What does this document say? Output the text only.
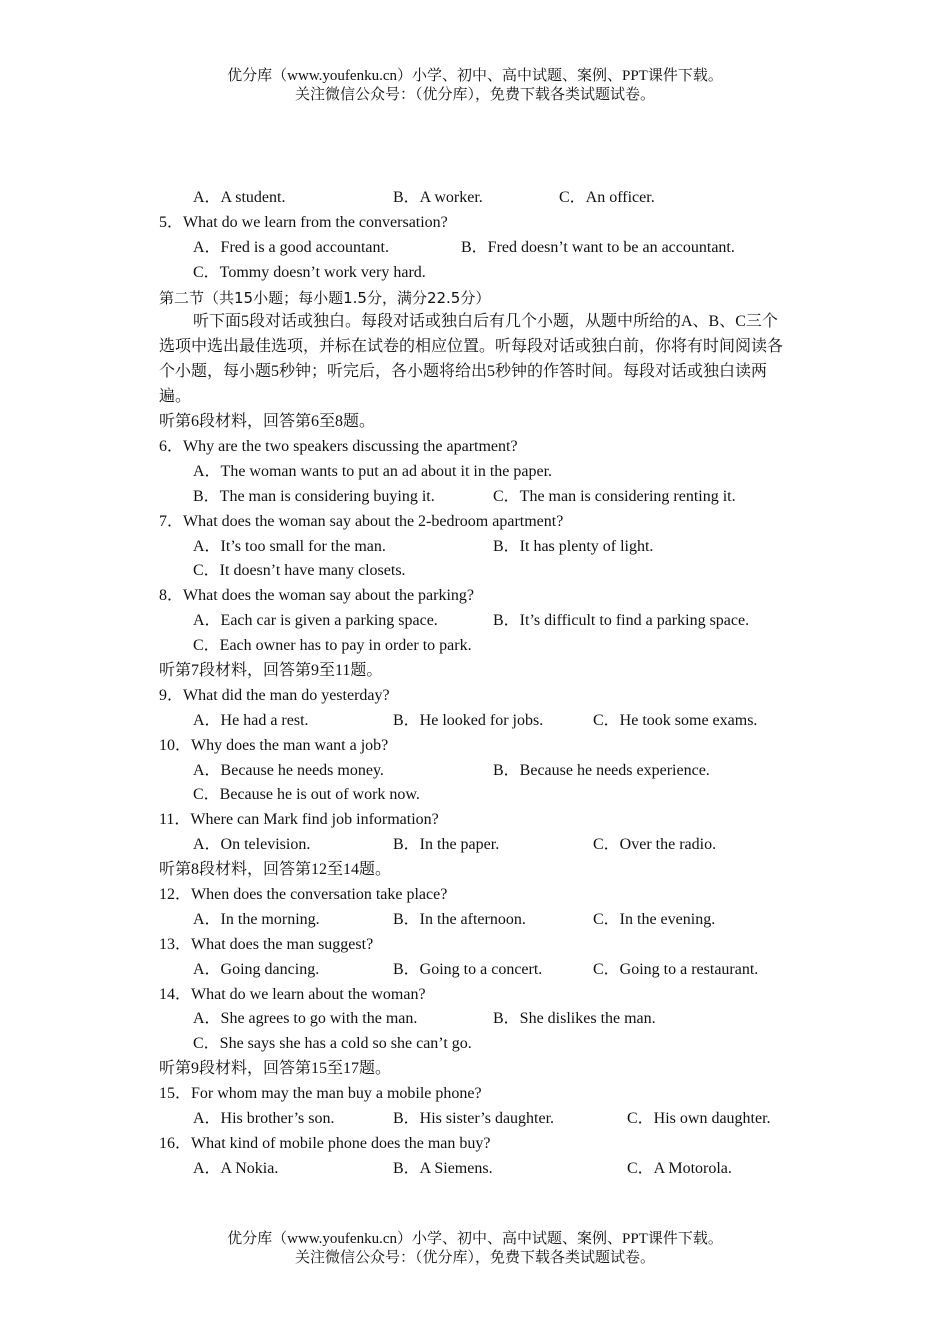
优分库（www.youfenku.cn）小学、初中、高中试题、案例、PPT课件下载。
关注微信公众号：（优分库），免费下载各类试题试卷。
A．A student.	B．A worker.	C．An officer.
5．What do we learn from the conversation?
A．Fred is a good accountant.	B．Fred doesn’t want to be an accountant.
C．Tommy doesn’t work very hard.
第二节（共15小题；每小题1.5分，满分22.5分）
听下面5段对话或独白。每段对话或独白后有几个小题，从题中所给的A、B、C三个选项中选出最佳选项，并标在试卷的相应位置。听每段对话或独白前，你将有时间阅读各个小题，每小题5秒钟；听完后，各小题将给出5秒钟的作答时间。每段对话或独白读两遍。
听第6段材料，回答第6至8题。
6．Why are the two speakers discussing the apartment?
A．The woman wants to put an ad about it in the paper.
B．The man is considering buying it.	C．The man is considering renting it.
7．What does the woman say about the 2-bedroom apartment?
A．It’s too small for the man.	B．It has plenty of light.
C．It doesn’t have many closets.
8．What does the woman say about the parking?
A．Each car is given a parking space.	B．It’s difficult to find a parking space.
C．Each owner has to pay in order to park.
听第7段材料，回答第9至11题。
9．What did the man do yesterday?
A．He had a rest.	B．He looked for jobs.	C．He took some exams.
10．Why does the man want a job?
A．Because he needs money.	B．Because he needs experience.
C．Because he is out of work now.
11．Where can Mark find job information?
A．On television.	B．In the paper.	C．Over the radio.
听第8段材料，回答第12至14题。
12．When does the conversation take place?
A．In the morning.	B．In the afternoon.	C．In the evening.
13．What does the man suggest?
A．Going dancing.	B．Going to a concert.	C．Going to a restaurant.
14．What do we learn about the woman?
A．She agrees to go with the man.	B．She dislikes the man.
C．She says she has a cold so she can’t go.
听第9段材料，回答第15至17题。
15．For whom may the man buy a mobile phone?
A．His brother’s son.	B．His sister’s daughter.	C．His own daughter.
16．What kind of mobile phone does the man buy?
A．A Nokia.	B．A Siemens.	C．A Motorola.
优分库（www.youfenku.cn）小学、初中、高中试题、案例、PPT课件下载。
关注微信公众号：（优分库），免费下载各类试题试卷。
